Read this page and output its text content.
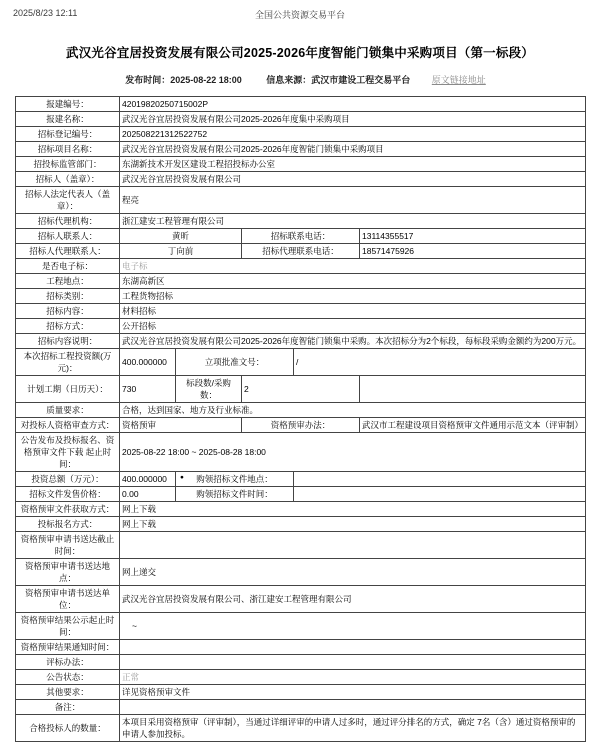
2025/8/23 12:11	全国公共资源交易平台
武汉光谷宜居投资发展有限公司2025-2026年度智能门锁集中采购项目（第一标段）
发布时间：2025-08-22 18:00	信息来源：武汉市建设工程交易平台 原文链接地址
报建编号：	42019820250715002P				
报建名称：	武汉光谷宜居投资发展有限公司2025-2026年度集中采购项目				
招标登记编号：	202508221312522752				
招标项目名称：	武汉光谷宜居投资发展有限公司2025-2026年度智能门锁集中采购项目				
招投标监管部门：	东湖新技术开发区建设工程招投标办公室				
招标人（盖章）：	武汉光谷宜居投资发展有限公司				
招标人法定代表人（盖章）：	程亮				
招标代理机构：	浙江建安工程管理有限公司				
招标人联系人：	黄昕		招标联系电话：		13114355517
招标人代理联系人：	丁向前		招标代理联系电话：		18571475926
是否电子标：	电子标				
工程地点：	东湖高新区				
招标类别：	工程货物招标				
招标内容：	材料招标				
招标方式：	公开招标				
招标内容说明：	武汉光谷宜居投资发展有限公司2025-2026年度智能门锁集中采购。本次招标分为2个标段，每标段采购金额约为200万元。				
本次招标工程投资额(万元)：	400.000000	立项批准文号：		/	
计划工期（日历天）：	730	标段数/采购数：	2		
质量要求：	合格，达到国家、地方及行业标准。				
对投标人资格审查方式：	资格预审		资格预审办法：		武汉市工程建设项目资格预审文件通用示范文本（评审制）
公告发布及投标报名、资格预审文件下载 起止时间：	2025-08-22 18:00 ~ 2025-08-28 18:00				
投资总额（万元）：	400.000000	● 购领招标文件地点：			
招标文件发售价格：	0.00	购领招标文件时间：			
资格预审文件获取方式：	网上下载				
投标报名方式：	网上下载				
资格预审申请书送达截止时间：					
资格预审申请书送达地点：	网上递交				
资格预审申请书送达单位：	武汉光谷宜居投资发展有限公司、浙江建安工程管理有限公司				
资格预审结果公示起止时间：	~				
资格预审结果通知时间：					
评标办法：					
公告状态：	正常				
其他要求：	详见资格预审文件				
备注：					
合格投标人的数量：	本项目采用资格预审（评审制），当通过详细评审的申请人过多时，通过评分排名的方式，确定 7名（含）通过资格预审的申请人参加投标。				
